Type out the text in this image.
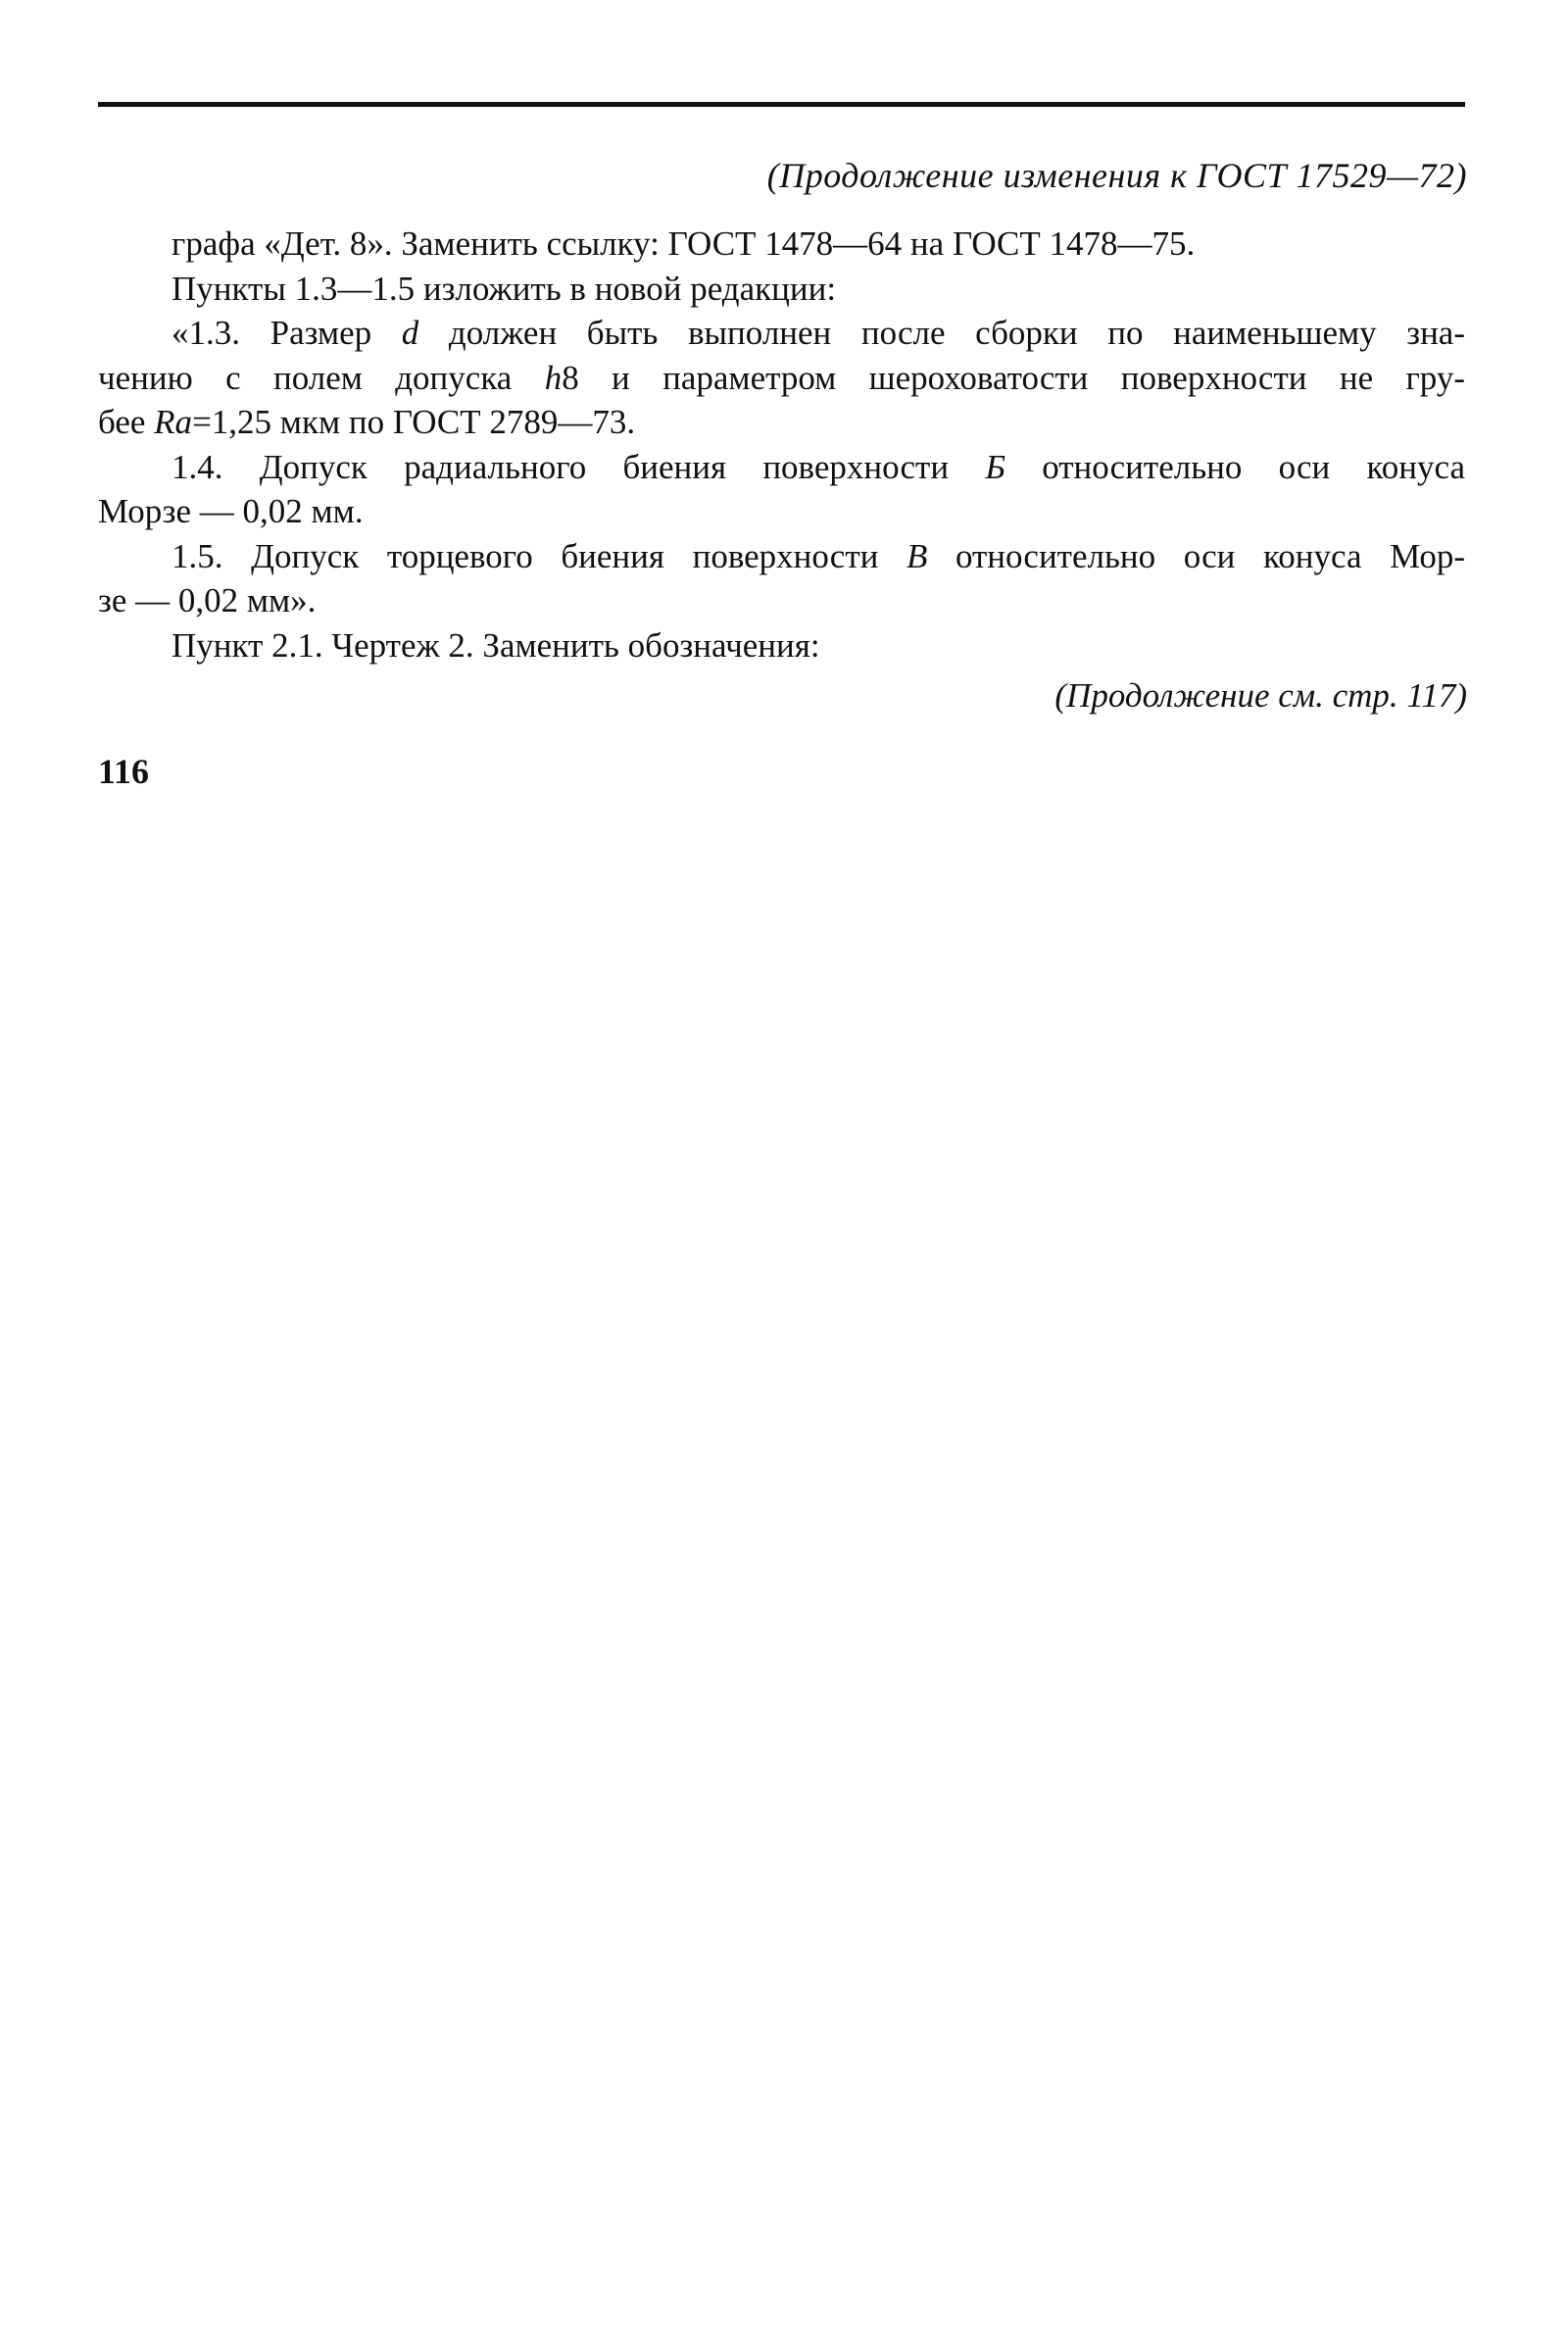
(Продолжение изменения к ГОСТ 17529—72)

графа «Дет. 8». Заменить ссылку: ГОСТ 1478—64 на ГОСТ 1478—75.

Пункты 1.3—1.5 изложить в новой редакции:

«1.3. Размер d должен быть выполнен после сборки по наименьшему зна-
чению с полем допуска h8 и параметром шероховатости поверхности не гру-
бее Ra=1,25 мкм по ГОСТ 2789—73.

1.4. Допуск радиального биения поверхности Б относительно оси конуса
Морзе — 0,02 мм.

1.5. Допуск торцевого биения поверхности В относительно оси конуса Мор-
зе — 0,02 мм».

Пункт 2.1. Чертеж 2. Заменить обозначения:

(Продолжение см. стр. 117)
116
